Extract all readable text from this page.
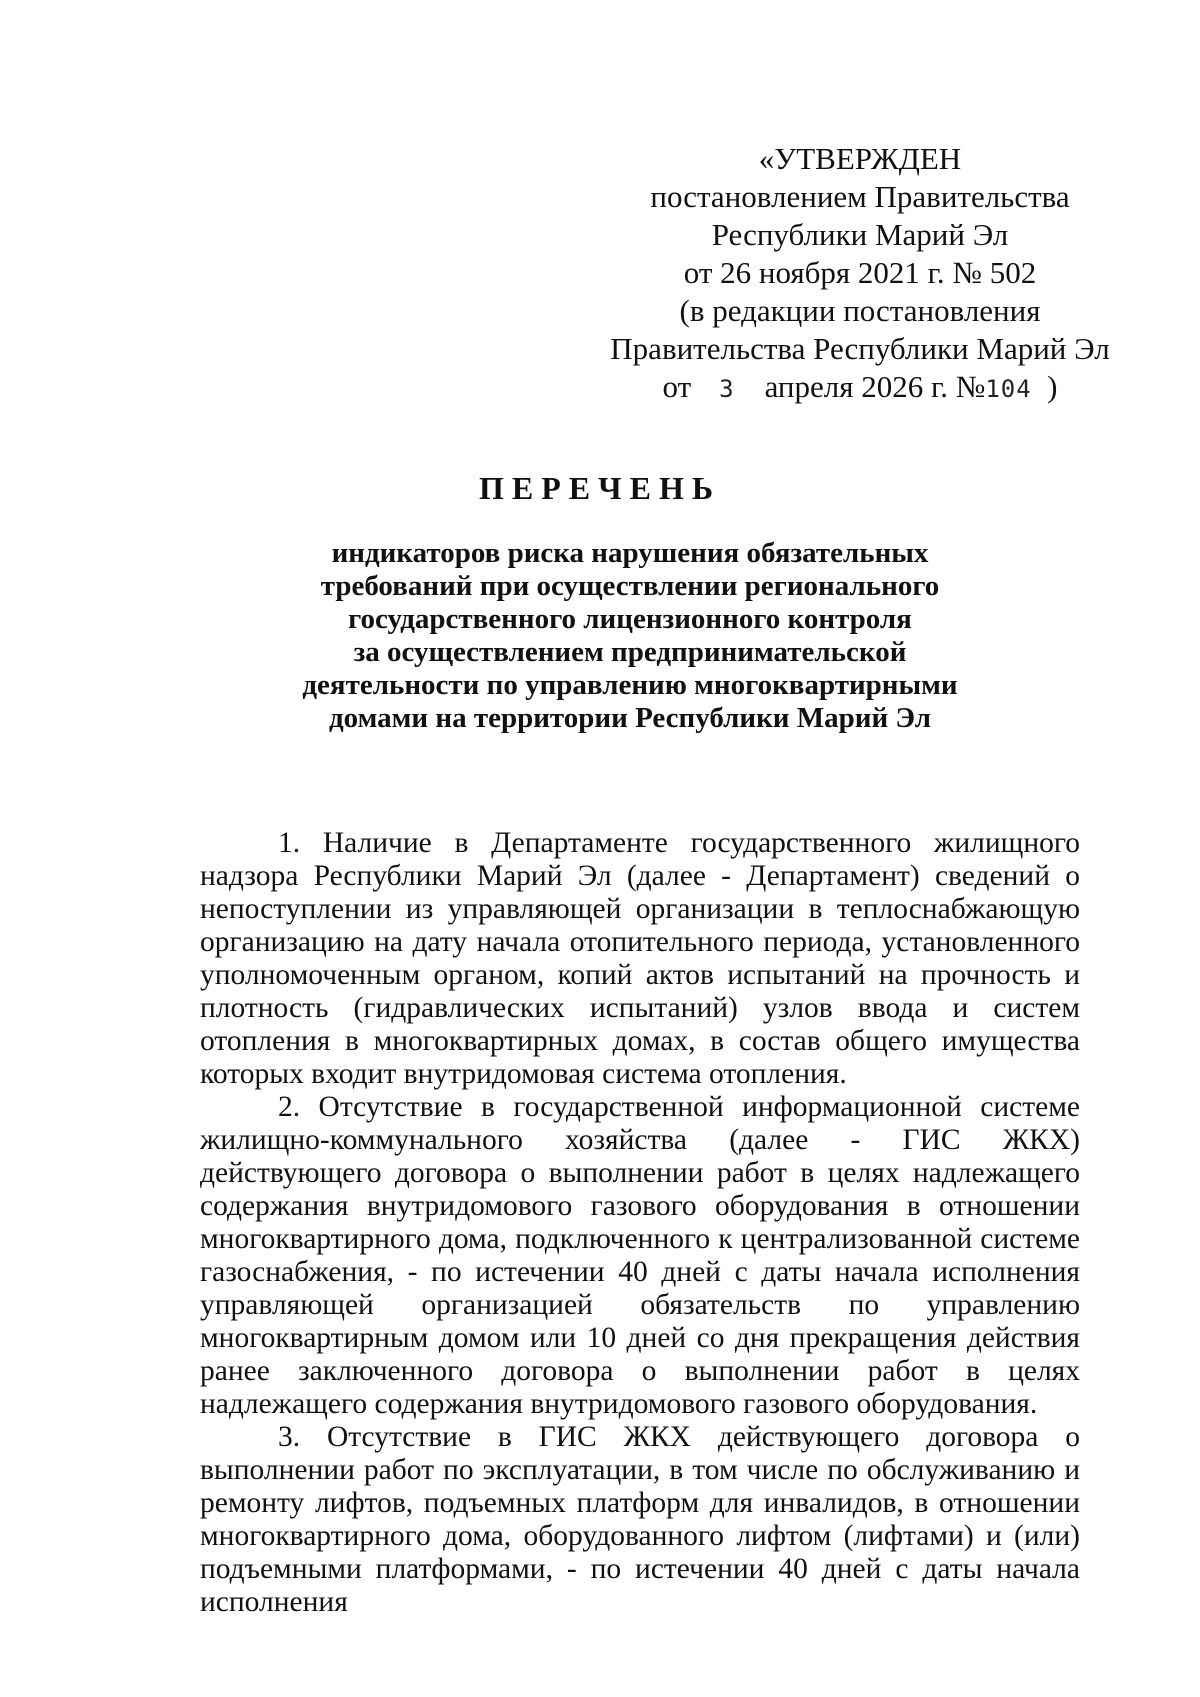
«УТВЕРЖДЕН
постановлением Правительства
Республики Марий Эл
от 26 ноября 2021 г. № 502
(в редакции постановления
Правительства Республики Марий Эл
от 3 апреля 2026 г. №104 )
ПЕРЕЧЕНЬ
индикаторов риска нарушения обязательных
требований при осуществлении регионального
государственного лицензионного контроля
за осуществлением предпринимательской
деятельности по управлению многоквартирными
домами на территории Республики Марий Эл

1. Наличие в Департаменте государственного жилищного надзора Республики Марий Эл (далее - Департамент) сведений о непоступлении из управляющей организации в теплоснабжающую организацию на дату начала отопительного периода, установленного уполномоченным органом, копий актов испытаний на прочность и плотность (гидравлических испытаний) узлов ввода и систем отопления в многоквартирных домах, в состав общего имущества которых входит внутридомовая система отопления.

2. Отсутствие в государственной информационной системе жилищно-коммунального хозяйства (далее - ГИС ЖКХ) действующего договора о выполнении работ в целях надлежащего содержания внутридомового газового оборудования в отношении многоквартирного дома, подключенного к централизованной системе газоснабжения, - по истечении 40 дней с даты начала исполнения управляющей организацией обязательств по управлению многоквартирным домом или 10 дней со дня прекращения действия ранее заключенного договора о выполнении работ в целях надлежащего содержания внутридомового газового оборудования.

3. Отсутствие в ГИС ЖКХ действующего договора о выполнении работ по эксплуатации, в том числе по обслуживанию и ремонту лифтов, подъемных платформ для инвалидов, в отношении многоквартирного дома, оборудованного лифтом (лифтами) и (или) подъемными платформами, - по истечении 40 дней с даты начала исполнения
